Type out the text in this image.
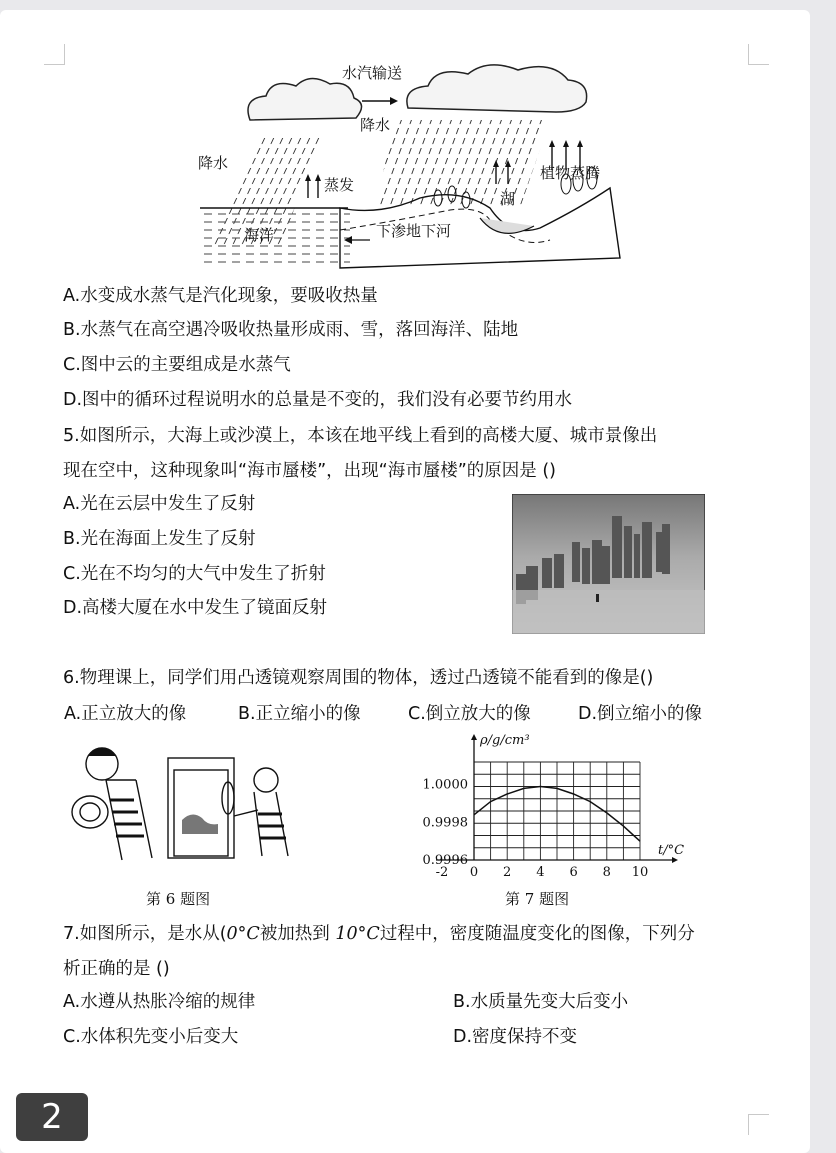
水汽输送
降水
降水
蒸发
植物蒸腾
湖
海洋	下渗地下河
A.水变成水蒸气是汽化现象，要吸收热量
B.水蒸气在高空遇冷吸收热量形成雨、雪，落回海洋、陆地
C.图中云的主要组成是水蒸气
D.图中的循环过程说明水的总量是不变的，我们没有必要节约用水
5.如图所示，大海上或沙漠上，本该在地平线上看到的高楼大厦、城市景像出
现在空中，这种现象叫“海市蜃楼”，出现“海市蜃楼”的原因是 ()
A.光在云层中发生了反射
B.光在海面上发生了反射
C.光在不均匀的大气中发生了折射
D.高楼大厦在水中发生了镜面反射
6.物理课上，同学们用凸透镜观察周围的物体，透过凸透镜不能看到的像是()
A.正立放大的像	B.正立缩小的像	C.倒立放大的像	D.倒立缩小的像
第 6 题图
-2 0 2 4 6 8 10
0.9996
0.9998
1.0000
ρ/g/cm³
t/°C
第 7 题图
7.如图所示，是水从(0°C被加热到 10°C过程中，密度随温度变化的图像，下列分
析正确的是 ()
A.水遵从热胀冷缩的规律	B.水质量先变大后变小
C.水体积先变小后变大	D.密度保持不变
2
